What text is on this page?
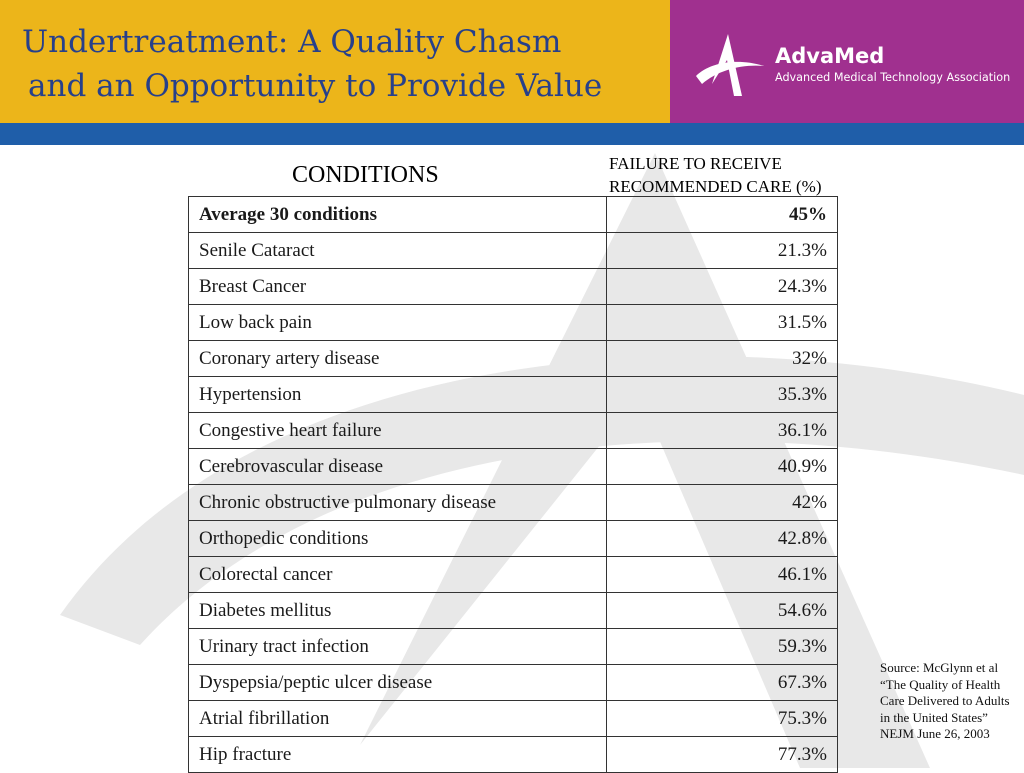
Undertreatment: A Quality Chasm
and an Opportunity to Provide Value
AdvaMed
Advanced Medical Technology Association
CONDITIONS	FAILURE TO RECEIVE
RECOMMENDED CARE (%)
Average 30 conditions	45%
Senile Cataract	21.3%
Breast Cancer	24.3%
Low back pain	31.5%
Coronary artery disease	32%
Hypertension	35.3%
Congestive heart failure	36.1%
Cerebrovascular disease	40.9%
Chronic obstructive pulmonary disease	42%
Orthopedic conditions	42.8%
Colorectal cancer	46.1%
Diabetes mellitus	54.6%
Urinary tract infection	59.3%
Dyspepsia/peptic ulcer disease	67.3%
Atrial fibrillation	75.3%
Hip fracture	77.3%
Source: McGlynn et al “The Quality of Health Care Delivered to Adults in the United States” NEJM June 26, 2003
